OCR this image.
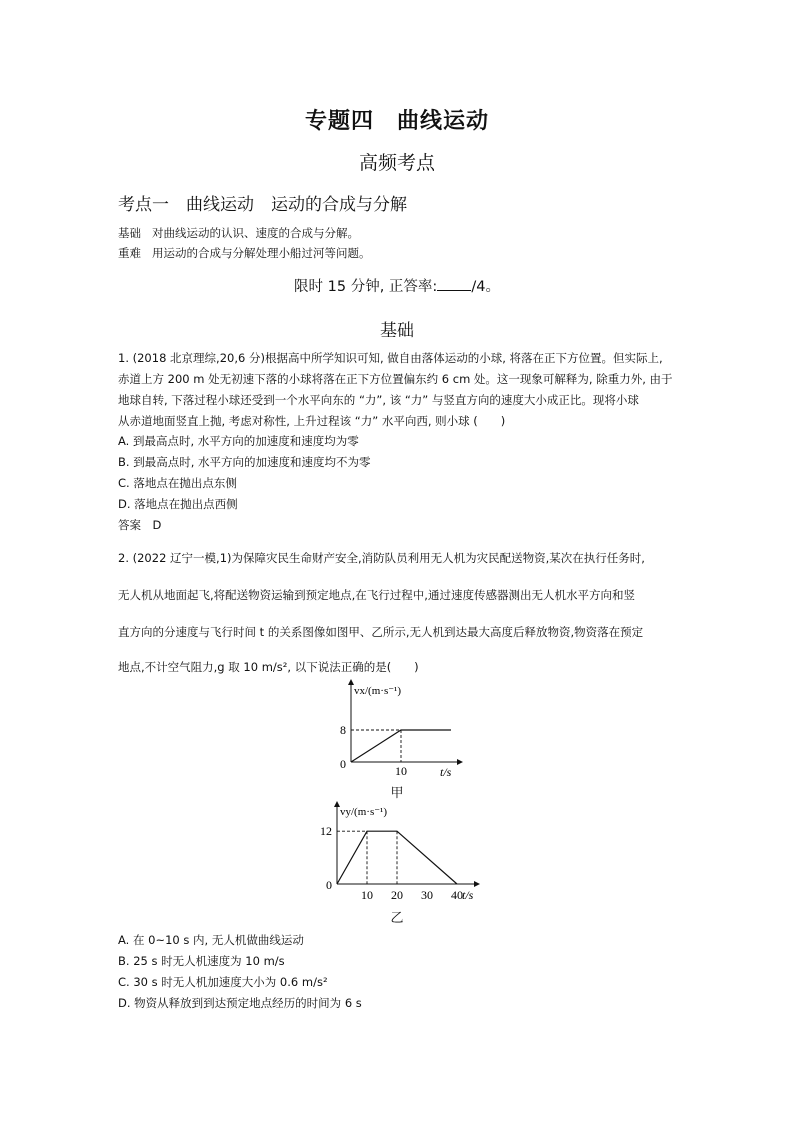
专题四　曲线运动
高频考点
考点一　曲线运动　运动的合成与分解
基础 对曲线运动的认识、速度的合成与分解。
重难 用运动的合成与分解处理小船过河等问题。
限时 15 分钟, 正答率: /4。
基础
1. (2018 北京理综,20,6 分)根据高中所学知识可知, 做自由落体运动的小球, 将落在正下方位置。但实际上,
赤道上方 200 m 处无初速下落的小球将落在正下方位置偏东约 6 cm 处。这一现象可解释为, 除重力外, 由于
地球自转, 下落过程小球还受到一个水平向东的 “力”, 该 “力” 与竖直方向的速度大小成正比。现将小球
从赤道地面竖直上抛, 考虑对称性, 上升过程该 “力” 水平向西, 则小球 (　　)
A. 到最高点时, 水平方向的加速度和速度均为零
B. 到最高点时, 水平方向的加速度和速度均不为零
C. 落地点在抛出点东侧
D. 落地点在抛出点西侧
答案　D
2. (2022 辽宁一模,1)为保障灾民生命财产安全,消防队员利用无人机为灾民配送物资,某次在执行任务时,
无人机从地面起飞,将配送物资运输到预定地点,在飞行过程中,通过速度传感器测出无人机水平方向和竖
直方向的分速度与飞行时间 t 的关系图像如图甲、乙所示,无人机到达最大高度后释放物资,物资落在预定
地点,不计空气阻力,g 取 10 m/s², 以下说法正确的是(　　)
vx/(m·s⁻¹)
8
0	10	t/s
甲
vy/(m·s⁻¹)
12
0
10 20 30 40 t/s
乙
A. 在 0~10 s 内, 无人机做曲线运动
B. 25 s 时无人机速度为 10 m/s
C. 30 s 时无人机加速度大小为 0.6 m/s²
D. 物资从释放到到达预定地点经历的时间为 6 s
